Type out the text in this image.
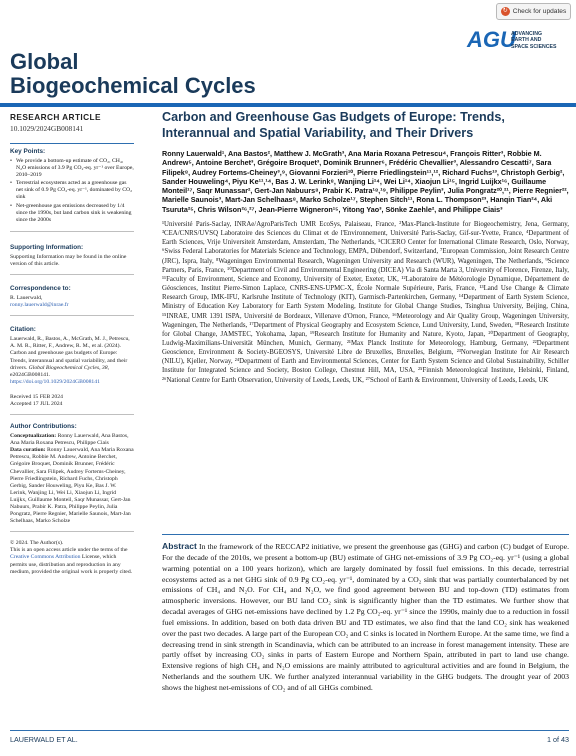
↻ Check for updates
Global
Biogeochemical Cycles
AGU
ADVANCING
EARTH AND
SPACE SCIENCES
RESEARCH ARTICLE
10.1029/2024GB008141
Key Points:
• We provide a bottom-up estimate of CO₂, CH₄, N₂O emissions of 3.9 Pg CO₂-eq. yr⁻¹ over Europe, 2010–2019
• Terrestrial ecosystems acted as a greenhouse gas net sink of 0.9 Pg CO₂-eq. yr⁻¹, dominated by CO₂ sink
• Net-greenhouse gas emissions decreased by 1/4 since the 1990s, but land carbon sink is weakening since the 2000s
Supporting Information:
Supporting Information may be found in the online version of this article.
Correspondence to:
R. Lauerwald,
ronny.lauerwald@inrae.fr
Citation:
Lauerwald, R., Bastos, A., McGrath, M. J., Petrescu, A. M. R., Ritter, F., Andrew, R. M., et al. (2024). Carbon and greenhouse gas budgets of Europe: Trends, interannual and spatial variability, and their drivers. Global Biogeochemical Cycles, 38, e2024GB008141. https://doi.org/10.1029/2024GB008141
Received 15 FEB 2024
Accepted 17 JUL 2024
Author Contributions:
Conceptualization: Ronny Lauerwald, Ana Bastos, Ana Maria Roxana Petrescu, Philippe Ciais
Data curation: Ronny Lauerwald, Ana Maria Roxana Petrescu, Robbie M. Andrew, Antoine Berchet, Grégoire Broquet, Dominik Brunner, Frédéric Chevallier, Sara Filipek, Audrey Fortems-Cheiney, Pierre Friedlingstein, Richard Fuchs, Christoph Gerbig, Sander Houweling, Piyu Ke, Bas J. W. Lerink, Wanjing Li, Wei Li, Xiaojun Li, Ingrid Luijkx, Guillaume Monteil, Saqr Munassar, Gert-Jan Nabuurs, Prabir K. Patra, Philippe Peylin, Julia Pongratz, Pierre Regnier, Marielle Saunois, Mart-Jan Schelhaas, Marko Scholze
© 2024. The Author(s).
This is an open access article under the terms of the Creative Commons Attribution License, which permits use, distribution and reproduction in any medium, provided the original work is properly cited.
Carbon and Greenhouse Gas Budgets of Europe: Trends, Interannual and Spatial Variability, and Their Drivers
Ronny Lauerwald¹, Ana Bastos², Matthew J. McGrath³, Ana Maria Roxana Petrescu⁴, François Ritter³, Robbie M. Andrew⁵, Antoine Berchet³, Grégoire Broquet³, Dominik Brunner⁶, Frédéric Chevallier³, Alessandro Cescatti⁷, Sara Filipek⁸, Audrey Fortems-Cheiney³,⁹, Giovanni Forzieri¹⁰, Pierre Friedlingstein¹¹,¹², Richard Fuchs¹³, Christoph Gerbig², Sander Houweling⁴, Piyu Ke¹¹,¹⁴, Bas J. W. Lerink⁸, Wanjing Li¹⁴, Wei Li¹⁴, Xiaojun Li¹⁵, Ingrid Luijkx¹⁶, Guillaume Monteil¹⁷, Saqr Munassar², Gert-Jan Nabuurs⁸, Prabir K. Patra¹⁸,¹⁹, Philippe Peylin³, Julia Pongratz²⁰,²¹, Pierre Regnier²², Marielle Saunois³, Mart-Jan Schelhaas⁸, Marko Scholze¹⁷, Stephen Sitch¹¹, Rona L. Thompson²³, Hanqin Tian²⁴, Aki Tsuruta²⁵, Chris Wilson²⁶,²⁷, Jean-Pierre Wigneron¹⁵, Yitong Yao³, Sönke Zaehle², and Philippe Ciais³
¹Université Paris-Saclay, INRAe/AgroParisTech UMR EcoSys, Palaiseau, France, ²Max-Planck-Institute for Biogeochemistry, Jena, Germany, ³CEA/CNRS/UVSQ Laboratoire des Sciences du Climat et de l'Environnement, Université Paris-Saclay, Gif-sur-Yvette, France, ⁴Department of Earth Sciences, Vrije Universiteit Amsterdam, Amsterdam, The Netherlands, ⁵CICERO Center for International Climate Research, Oslo, Norway, ⁶Swiss Federal Laboratories for Materials Science and Technology, EMPA, Dübendorf, Switzerland, ⁷European Commission, Joint Research Centre (JRC), Ispra, Italy, ⁸Wageningen Environmental Research, Wageningen University and Research (WUR), Wageningen, The Netherlands, ⁹Science Partners, Paris, France, ¹⁰Department of Civil and Environmental Engineering (DICEA) Via di Santa Marta 3, University of Florence, Firenze, Italy, ¹¹Faculty of Environment, Science and Economy, University of Exeter, Exeter, UK, ¹²Laboratoire de Météorologie Dynamique, Département de Géosciences, Institut Pierre-Simon Laplace, CNRS-ENS-UPMC-X, École Normale Supérieure, Paris, France, ¹³Land Use Change & Climate Research Group, IMK-IFU, Karlsruhe Institute of Technology (KIT), Garmisch-Partenkirchen, Germany, ¹⁴Department of Earth System Science, Ministry of Education Key Laboratory for Earth System Modeling, Institute for Global Change Studies, Tsinghua University, Beijing, China, ¹⁵INRAE, UMR 1391 ISPA, Université de Bordeaux, Villenave d'Ornon, France, ¹⁶Meteorology and Air Quality Group, Wageningen University, Wageningen, The Netherlands, ¹⁷Department of Physical Geography and Ecosystem Science, Lund University, Lund, Sweden, ¹⁸Research Institute for Global Change, JAMSTEC, Yokohama, Japan, ¹⁹Research Institute for Humanity and Nature, Kyoto, Japan, ²⁰Department of Geography, Ludwig-Maximilians-Universität München, Munich, Germany, ²¹Max Planck Institute for Meteorology, Hamburg, Germany, ²²Department Geoscience, Environment & Society-BGEOSYS, Université Libre de Bruxelles, Bruxelles, Belgium, ²³Norwegian Institute for Air Research (NILU), Kjeller, Norway, ²⁴Department of Earth and Environmental Sciences, Center for Earth System Science and Global Sustainability, Schiller Institute for Integrated Science and Society, Boston College, Chestnut Hill, MA, USA, ²⁵Finnish Meteorological Institute, Helsinki, Finland, ²⁶National Centre for Earth Observation, University of Leeds, Leeds, UK, ²⁷School of Earth & Environment, University of Leeds, Leeds, UK
Abstract In the framework of the RECCAP2 initiative, we present the greenhouse gas (GHG) and carbon (C) budget of Europe. For the decade of the 2010s, we present a bottom-up (BU) estimate of GHG net-emissions of 3.9 Pg CO₂-eq. yr⁻¹ (using a global warming potential on a 100 years horizon), which are largely dominated by fossil fuel emissions. In this decade, terrestrial ecosystems acted as a net GHG sink of 0.9 Pg CO₂-eq. yr⁻¹, dominated by a CO₂ sink that was partially counterbalanced by net emissions of CH₄ and N₂O. For CH₄ and N₂O, we find good agreement between BU and top-down (TD) estimates from atmospheric inversions. However, our BU land CO₂ sink is significantly higher than the TD estimates. We further show that decadal averages of GHG net-emissions have declined by 1.2 Pg CO₂-eq. yr⁻¹ since the 1990s, mainly due to a reduction in fossil fuel emissions. In addition, based on both data driven BU and TD estimates, we also find that the land CO₂ sink has weakened over the past two decades. A large part of the European CO₂ and C sinks is located in Northern Europe. At the same time, we find a decreasing trend in sink strength in Scandinavia, which can be attributed to an increase in forest management intensity. These are partly offset by increasing CO₂ sinks in parts of Eastern Europe and Northern Spain, attributed in part to land use change. Extensive regions of high CH₄ and N₂O emissions are mainly attributed to agricultural activities and are found in Belgium, the Netherlands and the southern UK. We further analyzed interannual variability in the GHG budgets. The drought year of 2003 shows the highest net-emissions of CO₂ and of all GHGs combined.
LAUERWALD ET AL.	1 of 43
